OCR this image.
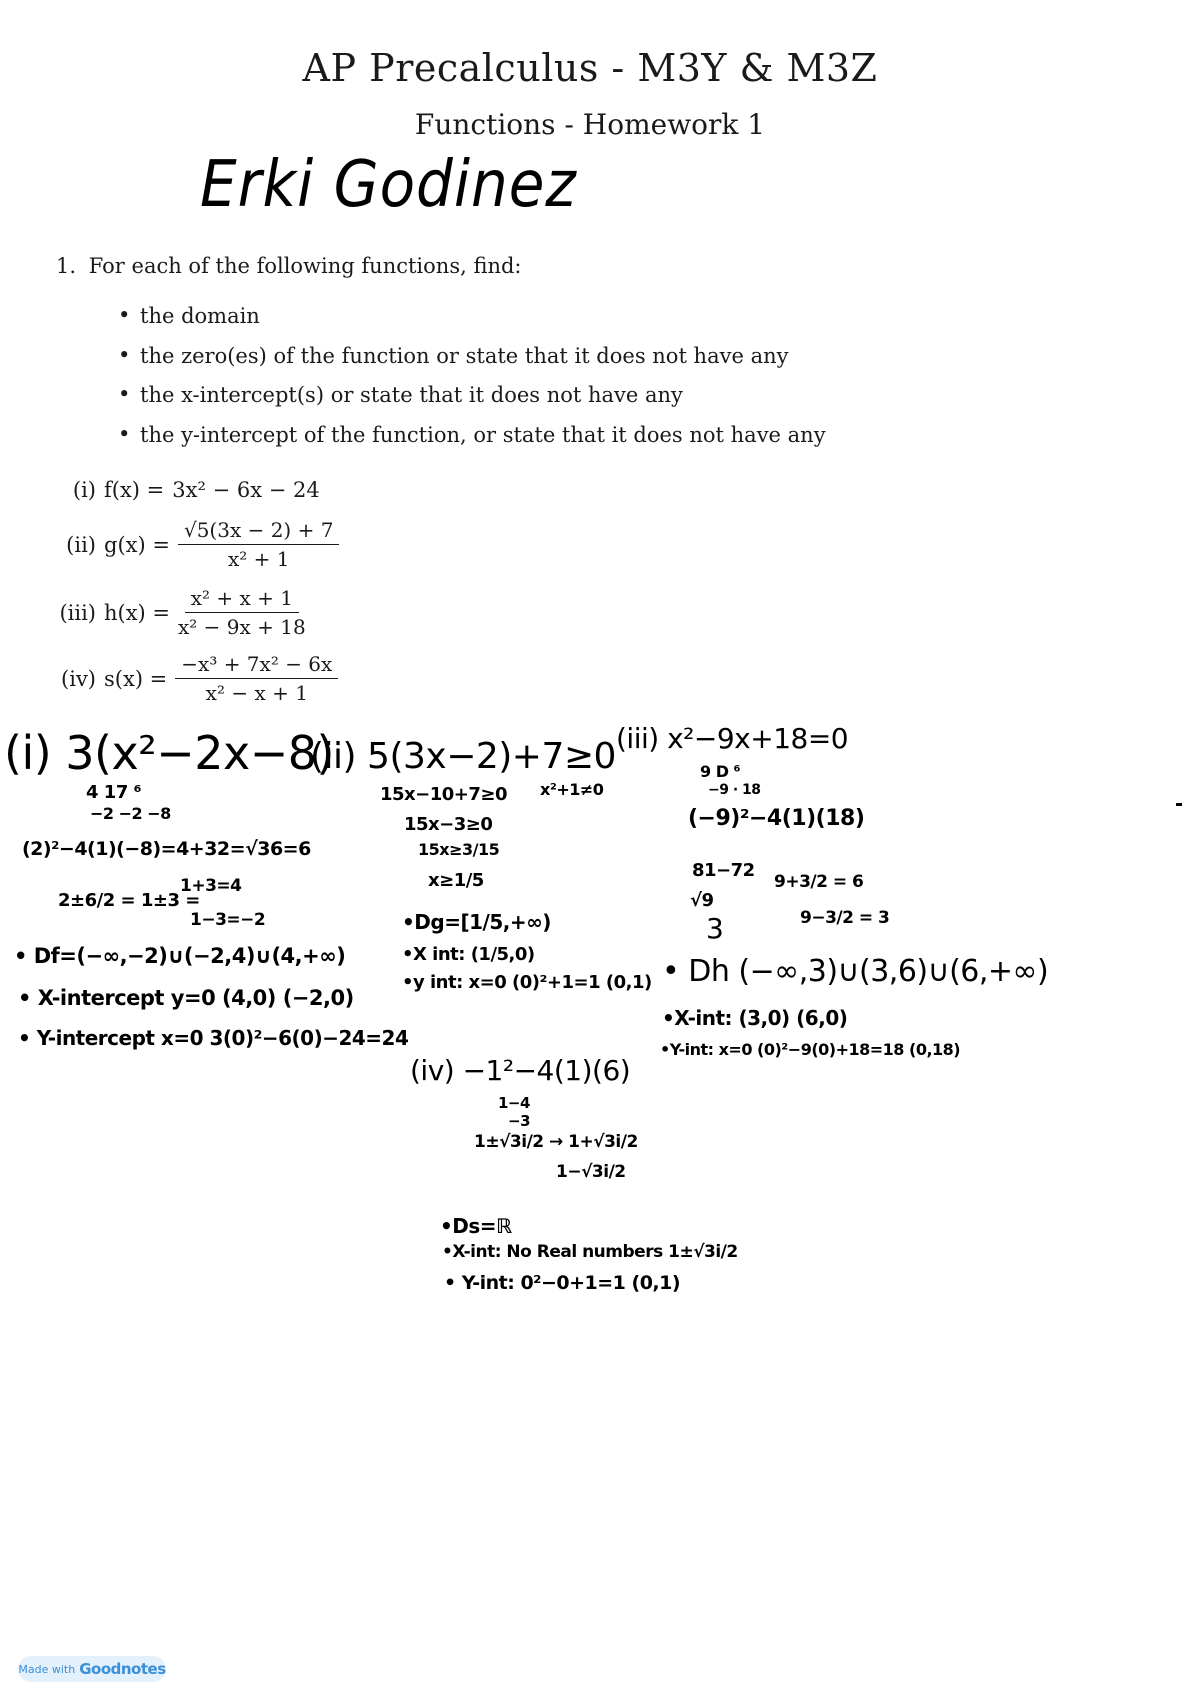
AP Precalculus - M3Y & M3Z
Functions - Homework 1
Erki Godinez
1. For each of the following functions, find:
• the domain
• the zero(es) of the function or state that it does not have any
• the x-intercept(s) or state that it does not have any
• the y-intercept of the function, or state that it does not have any
(i) f(x) = 3x² − 6x − 24
(ii) $g(x) = \frac{√5(3x - 2) + 7}{\text{x² + 1}}$
(iii) $h(x) = \frac{\text{x² + x + 1}}{\text{x² − 9x + 18}}$
(iv) $s(x) = \frac{\text{−x³ + 7x² − 6x}}{\text{x² − x + 1}}$
(i) 3(x²−2x−8)
4 17 ⁶
−2 −2 −8
(2)²−4(1)(−8)=4+32=√36=6
2±6/2 = 1±3 =
1+3=4
1−3=−2
• Df=(−∞,−2)∪(−2,4)∪(4,+∞)
• X-intercept y=0 (4,0) (−2,0)
• Y-intercept x=0 3(0)²−6(0)−24=24
(ii) 5(3x−2)+7≥0
15x−10+7≥0 x²+1≠0
15x−3≥0
15x≥3/15
x≥1/5
•Dg=[1/5,+∞)
•X int: (1/5,0)
•y int: x=0 (0)²+1=1 (0,1)
(iii) x²−9x+18=0
9 D ⁶
−9 · 18
(−9)²−4(1)(18)
81−72
√9
3
9+3/2 = 6
9−3/2 = 3
• Dh (−∞,3)∪(3,6)∪(6,+∞)
•X-int: (3,0) (6,0)
•Y-int: x=0 (0)²−9(0)+18=18 (0,18)
(iv) −1²−4(1)(6)
1−4
−3
1±√3i/2 → 1+√3i/2
1−√3i/2
•Ds=ℝ
•X-int: No Real numbers 1±√3i/2
• Y-int: 0²−0+1=1 (0,1)
Made with Goodnotes
